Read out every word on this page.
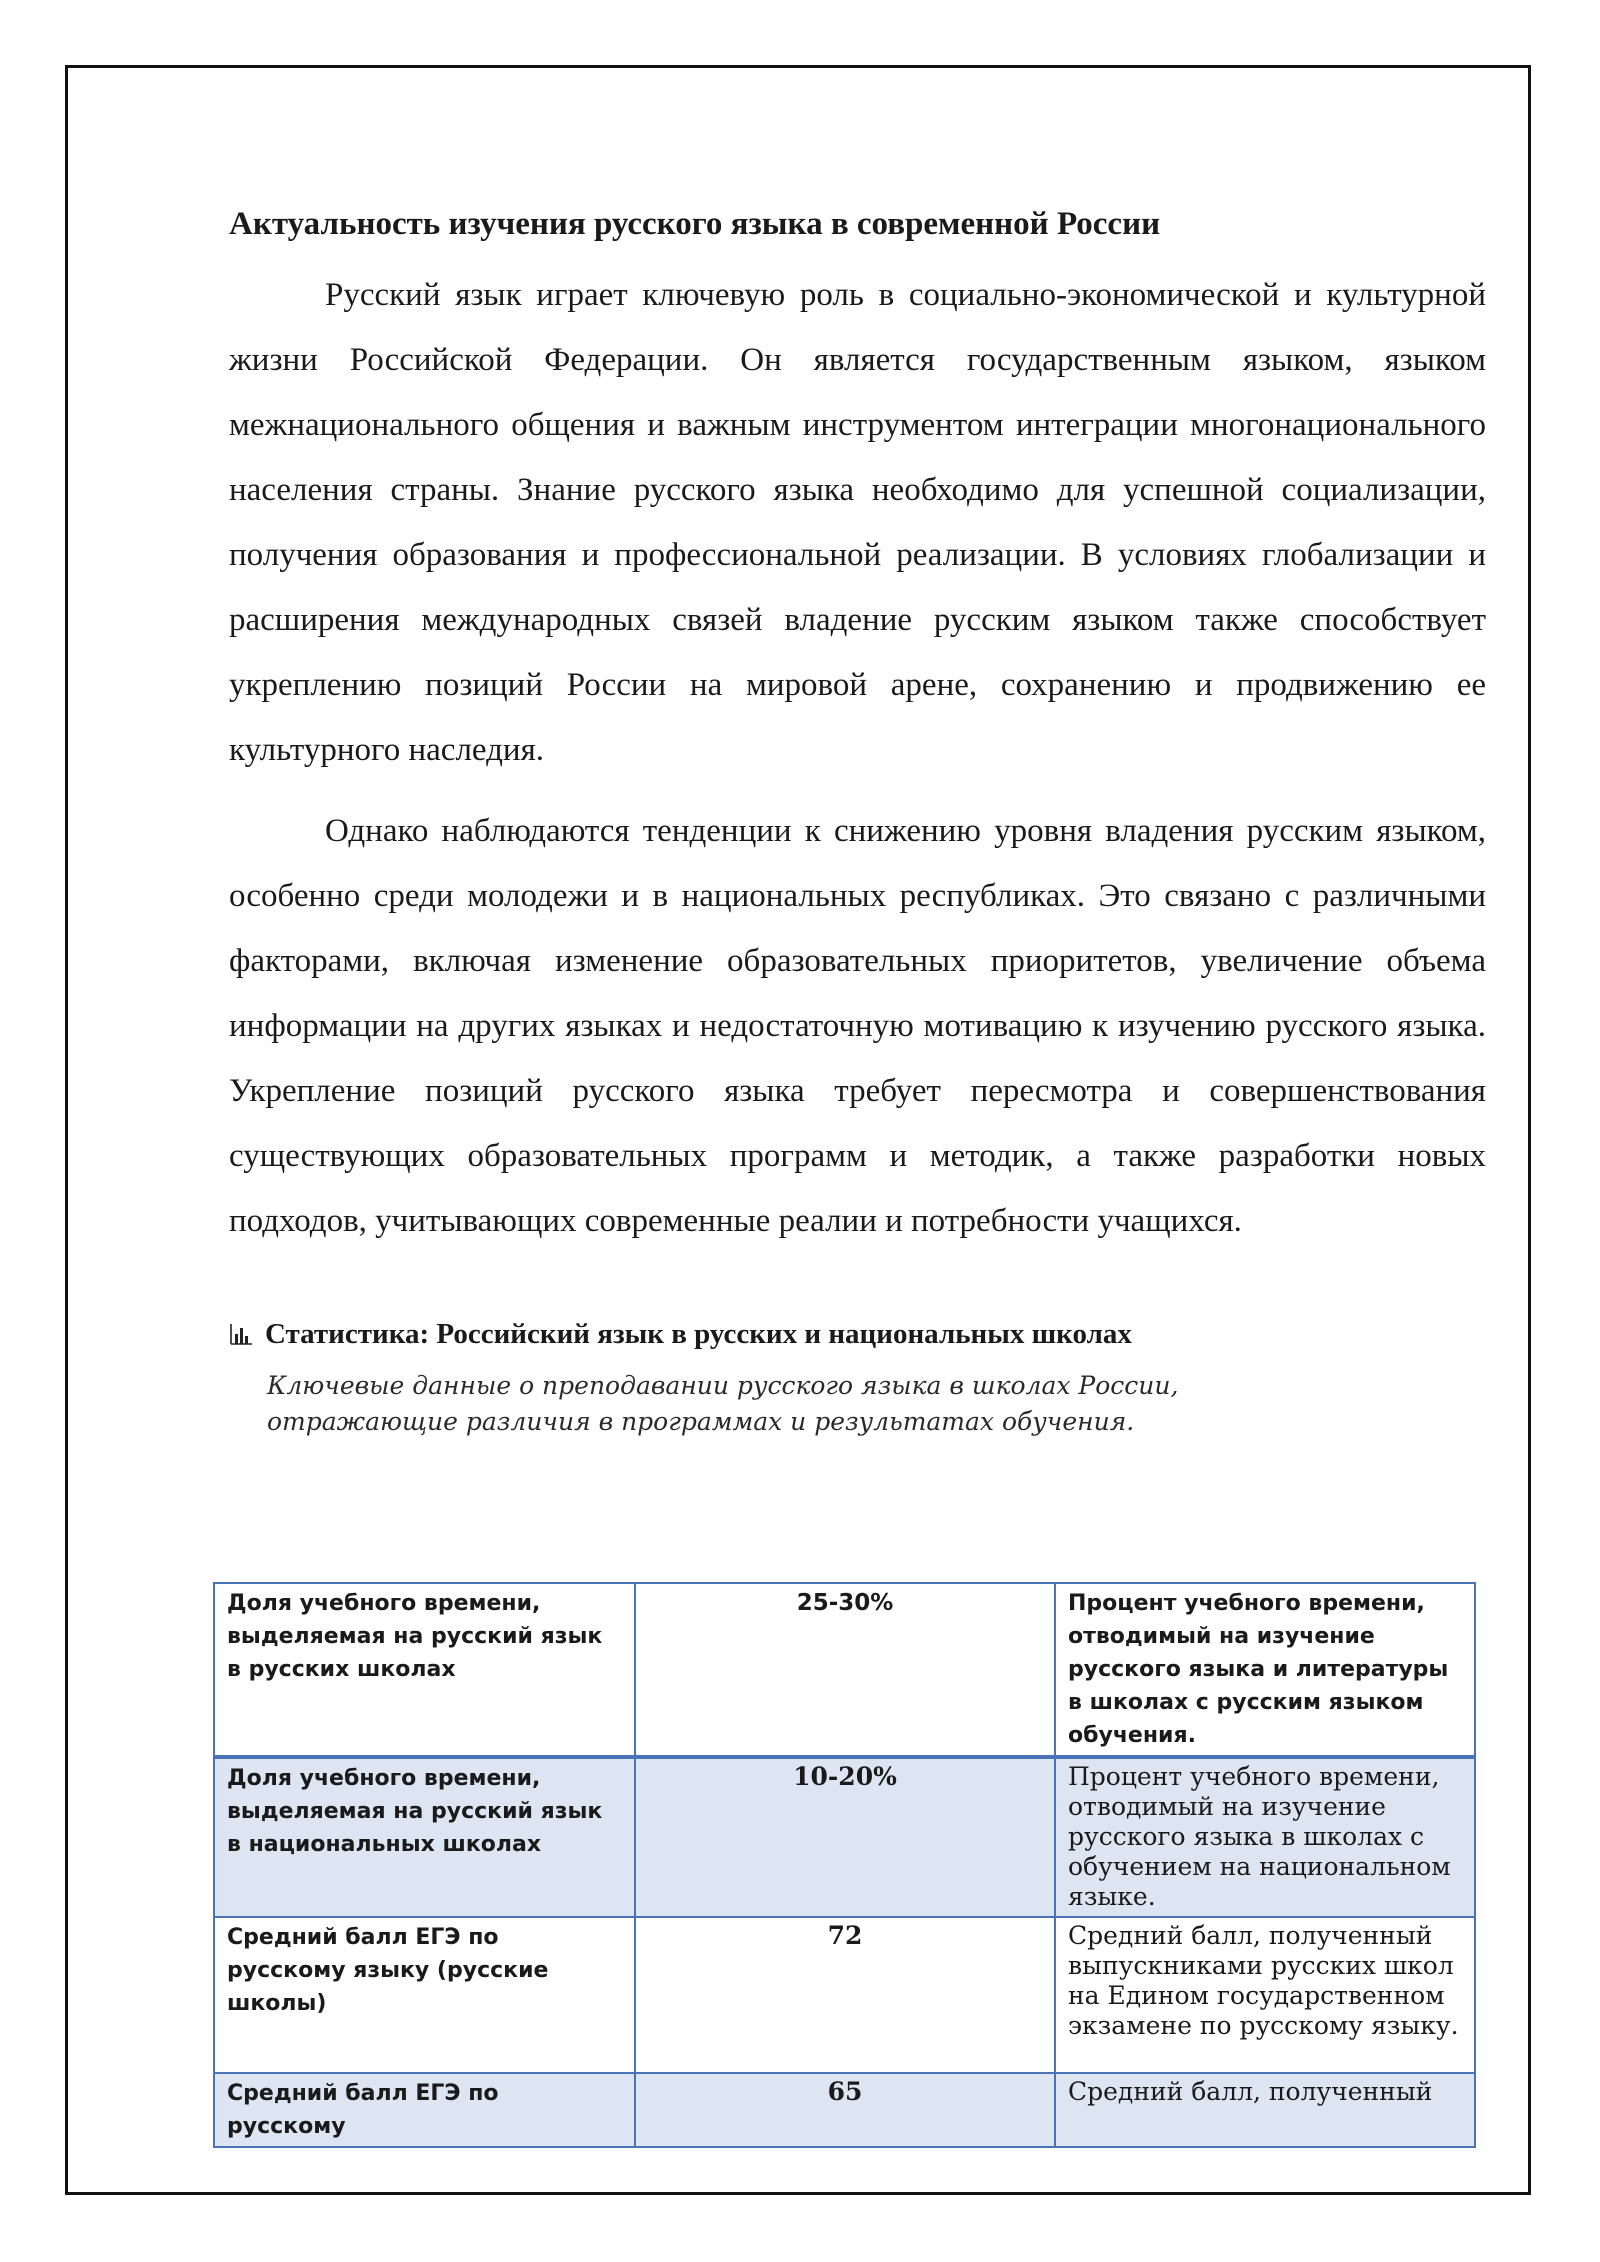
Актуальность изучения русского языка в современной России

Русский язык играет ключевую роль в социально-экономической и культурной жизни Российской Федерации. Он является государственным языком, языком межнационального общения и важным инструментом интеграции многонационального населения страны. Знание русского языка необходимо для успешной социализации, получения образования и профессиональной реализации. В условиях глобализации и расширения международных связей владение русским языком также способствует укреплению позиций России на мировой арене, сохранению и продвижению ее культурного наследия.

Однако наблюдаются тенденции к снижению уровня владения русским языком, особенно среди молодежи и в национальных республиках. Это связано с различными факторами, включая изменение образовательных приоритетов, увеличение объема информации на других языках и недостаточную мотивацию к изучению русского языка. Укрепление позиций русского языка требует пересмотра и совершенствования существующих образовательных программ и методик, а также разработки новых подходов, учитывающих современные реалии и потребности учащихся.

Статистика: Российский язык в русских и национальных школах
Ключевые данные о преподавании русского языка в школах России, отражающие различия в программах и результатах обучения.
Доля учебного времени, выделяемая на русский язык в русских школах	25-30%	Процент учебного времени, отводимый на изучение русского языка и литературы в школах с русским языком обучения.

Доля учебного времени, выделяемая на русский язык в национальных школах	10-20%	Процент учебного времени, отводимый на изучение русского языка в школах с обучением на национальном языке.

Средний балл ЕГЭ по русскому языку (русские школы)	72	Средний балл, полученный выпускниками русских школ на Едином государственном экзамене по русскому языку.

Средний балл ЕГЭ по русскому	65	Средний балл, полученный
